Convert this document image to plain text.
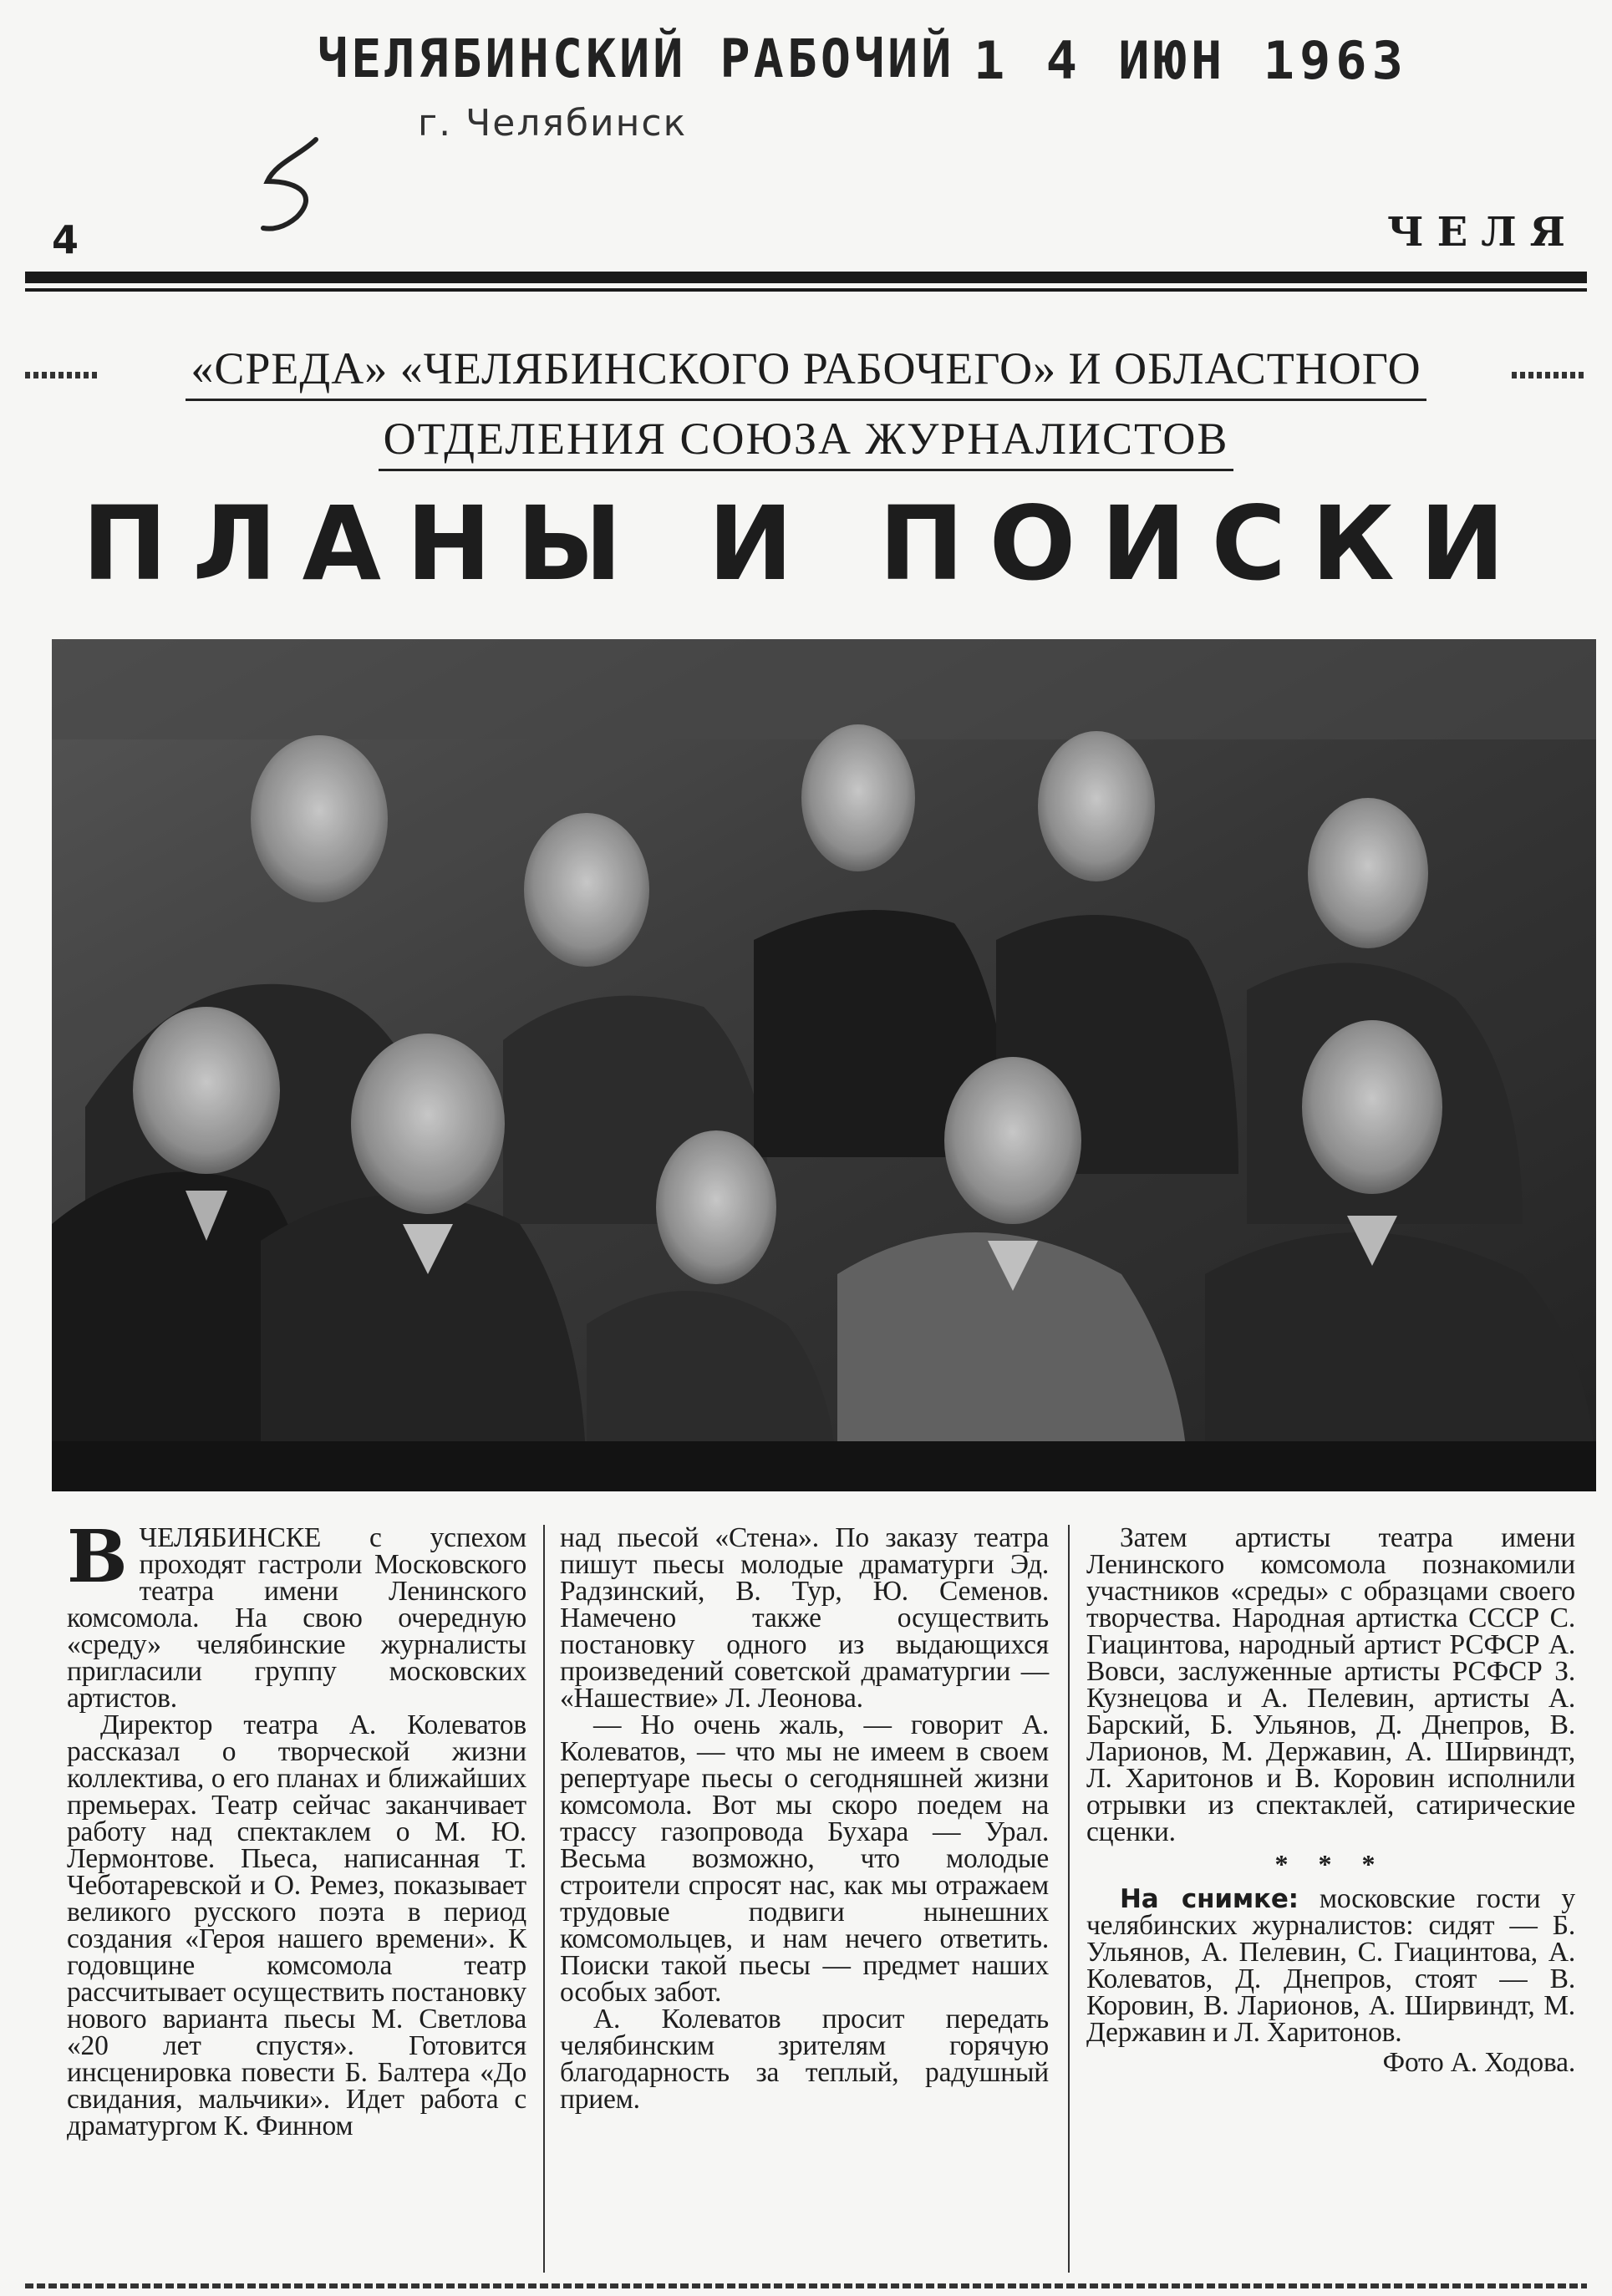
ЧЕЛЯБИНСКИЙ РАБОЧИЙ 1 4 ИЮН 1963
г. Челябинск
4	ЧЕЛЯ
«СРЕДА» «ЧЕЛЯБИНСКОГО РАБОЧЕГО» И ОБЛАСТНОГО
ОТДЕЛЕНИЯ СОЮЗА ЖУРНАЛИСТОВ
ПЛАНЫ И ПОИСКИ

ВЧЕЛЯБИНСКЕ с успехом проходят гастроли Московского театра имени Ленинского комсомола. На свою очередную «среду» челябинские журналисты пригласили группу московских артистов.

Директор театра А. Колеватов рассказал о творческой жизни коллектива, о его планах и ближайших премьерах. Театр сейчас заканчивает работу над спектаклем о М. Ю. Лермонтове. Пьеса, написанная Т. Чеботаревской и О. Ремез, показывает великого русского поэта в период создания «Героя нашего времени». К годовщине комсомола театр рассчитывает осуществить постановку нового варианта пьесы М. Светлова «20 лет спустя». Готовится инсценировка повести Б. Балтера «До свидания, мальчики». Идет работа с драматургом К. Финном

над пьесой «Стена». По заказу театра пишут пьесы молодые драматурги Эд. Радзинский, В. Тур, Ю. Семенов. Намечено также осуществить постановку одного из выдающихся произведений советской драматургии — «Нашествие» Л. Леонова.

— Но очень жаль, — говорит А. Колеватов, — что мы не имеем в своем репертуаре пьесы о сегодняшней жизни комсомола. Вот мы скоро поедем на трассу газопровода Бухара — Урал. Весьма возможно, что молодые строители спросят нас, как мы отражаем трудовые подвиги нынешних комсомольцев, и нам нечего ответить. Поиски такой пьесы — предмет наших особых забот.

А. Колеватов просит передать челябинским зрителям горячую благодарность за теплый, радушный прием.

Затем артисты театра имени Ленинского комсомола познакомили участников «среды» с образцами своего творчества. Народная артистка СССР С. Гиацинтова, народный артист РСФСР А. Вовси, заслуженные артисты РСФСР З. Кузнецова и А. Пелевин, артисты А. Барский, Б. Ульянов, Д. Днепров, В. Ларионов, М. Державин, А. Ширвиндт, Л. Харитонов и В. Коровин исполнили отрывки из спектаклей, сатирические сценки.

* * *

На снимке: московские гости у челябинских журналистов: сидят — Б. Ульянов, А. Пелевин, С. Гиацинтова, А. Колеватов, Д. Днепров, стоят — В. Коровин, В. Ларионов, А. Ширвиндт, М. Державин и Л. Харитонов.

Фото А. Ходова.
